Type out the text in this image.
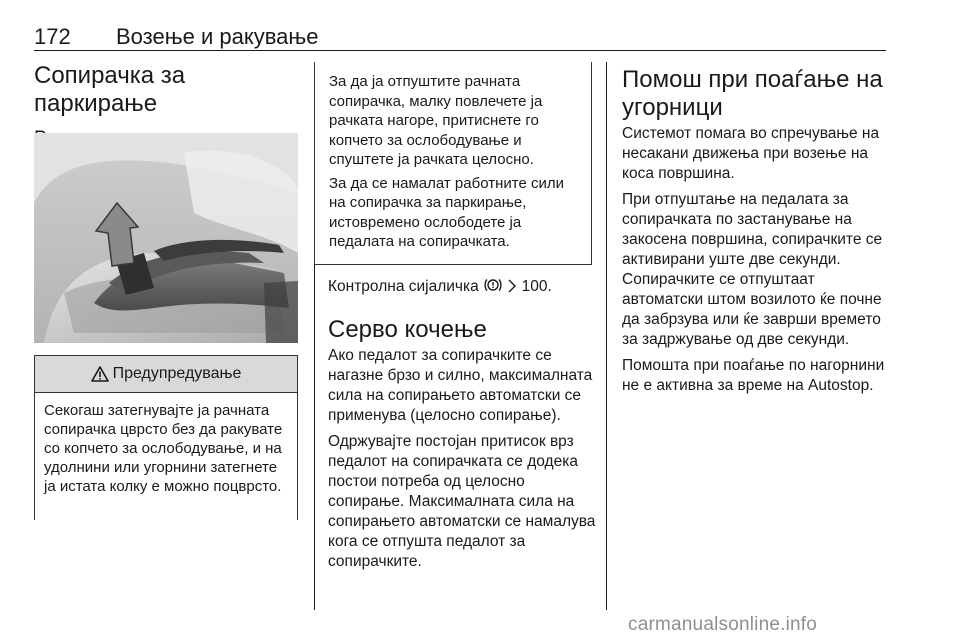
172 Возење и ракување
Сопирачка за паркирање
Предупредување

Секогаш затегнувајте ја рачната сопирачка цврсто без да ракувате со копчето за ослободување, и на удолнини или угорнини затегнете ја истата колку е можно поцврсто.

За да ја отпуштите рачната сопирачка, малку повлечете ја рачката нагоре, притиснете го копчето за ослободување и спуштете ја рачката целосно.

За да се намалат работните сили на сопирачка за паркирање, истовремено ослободете ја педалата на сопирачката.

Контролна сијаличка	100.
Серво кочење

Ако педалот за сопирачките се нагазне брзо и силно, максималната сила на сопирањето автоматски се применува (целосно сопирање).

Одржувајте постојан притисок врз педалот на сопирачката се додека постои потреба од целосно сопирање. Максималната сила на сопирањето автоматски се намалува кога се отпушта педалот за сопирачките.

Помош при поаѓање на угорници

Системот помага во спречување на несакани движења при возење на коса површина.

При отпуштање на педалата за сопирачката по застанување на закосена површина, сопирачките се активирани уште две секунди. Сопирачките се отпуштаат автоматски штом возилото ќе почне да забрзува или ќе заврши времето за задржување од две секунди.

Помошта при поаѓање по нагорнини не е активна за време на Autostop.

carmanualsonline.info
